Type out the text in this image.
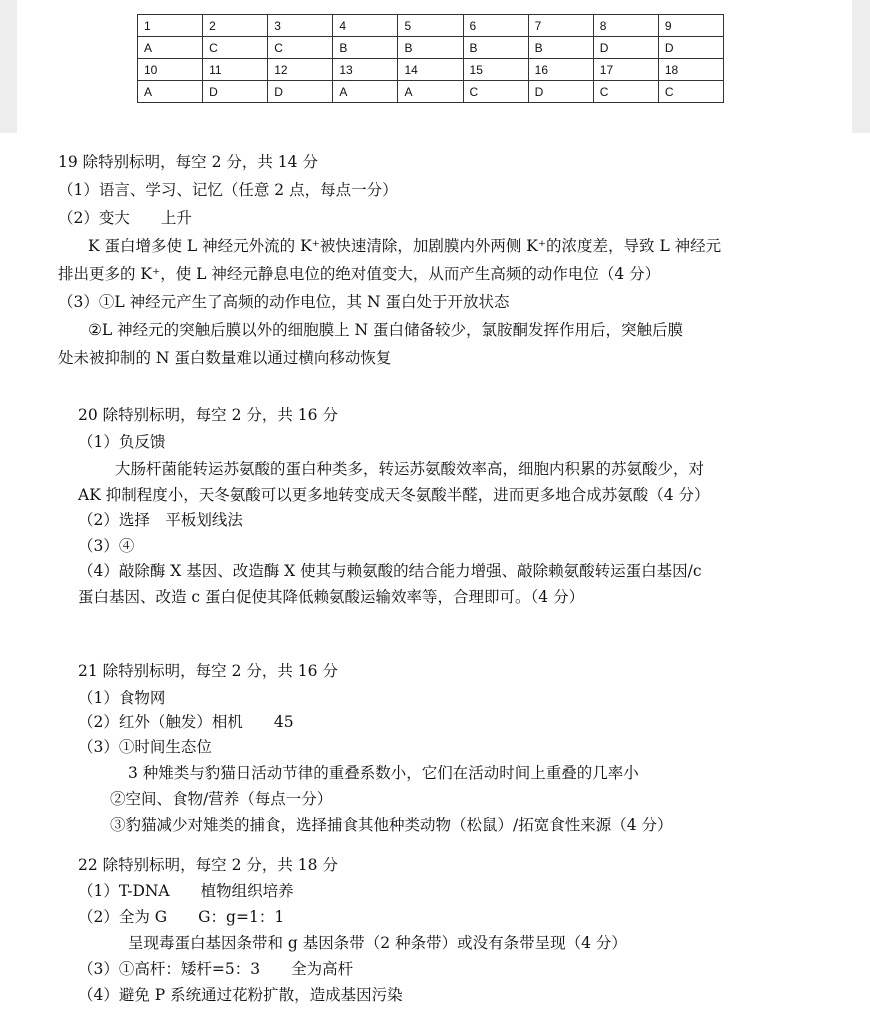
1	2	3	4	5	6	7	8	9
A	C	C	B	B	B	B	D	D
10	11	12	13	14	15	16	17	18
A	D	D	A	A	C	D	C	C
19 除特别标明，每空 2 分，共 14 分
（1）语言、学习、记忆（任意 2 点，每点一分）
（2）变大　　上升
K 蛋白增多使 L 神经元外流的 K⁺被快速清除，加剧膜内外两侧 K⁺的浓度差，导致 L 神经元
排出更多的 K⁺，使 L 神经元静息电位的绝对值变大，从而产生高频的动作电位（4 分）
（3）①L 神经元产生了高频的动作电位，其 N 蛋白处于开放状态
②L 神经元的突触后膜以外的细胞膜上 N 蛋白储备较少，氯胺酮发挥作用后，突触后膜
处未被抑制的 N 蛋白数量难以通过横向移动恢复
20 除特别标明，每空 2 分，共 16 分
（1）负反馈
大肠杆菌能转运苏氨酸的蛋白种类多，转运苏氨酸效率高，细胞内积累的苏氨酸少，对
AK 抑制程度小，天冬氨酸可以更多地转变成天冬氨酸半醛，进而更多地合成苏氨酸（4 分）
（2）选择　平板划线法
（3）④
（4）敲除酶 X 基因、改造酶 X 使其与赖氨酸的结合能力增强、敲除赖氨酸转运蛋白基因/c
蛋白基因、改造 c 蛋白促使其降低赖氨酸运输效率等，合理即可。（4 分）
21 除特别标明，每空 2 分，共 16 分
（1）食物网
（2）红外（触发）相机　　45
（3）①时间生态位
3 种雉类与豹猫日活动节律的重叠系数小，它们在活动时间上重叠的几率小
②空间、食物/营养（每点一分）
③豹猫减少对雉类的捕食，选择捕食其他种类动物（松鼠）/拓宽食性来源（4 分）
22 除特别标明，每空 2 分，共 18 分
（1）T-DNA　　植物组织培养
（2）全为 G　　G：g=1：1
呈现毒蛋白基因条带和 g 基因条带（2 种条带）或没有条带呈现（4 分）
（3）①高杆：矮杆=5：3　　全为高杆
（4）避免 P 系统通过花粉扩散，造成基因污染
